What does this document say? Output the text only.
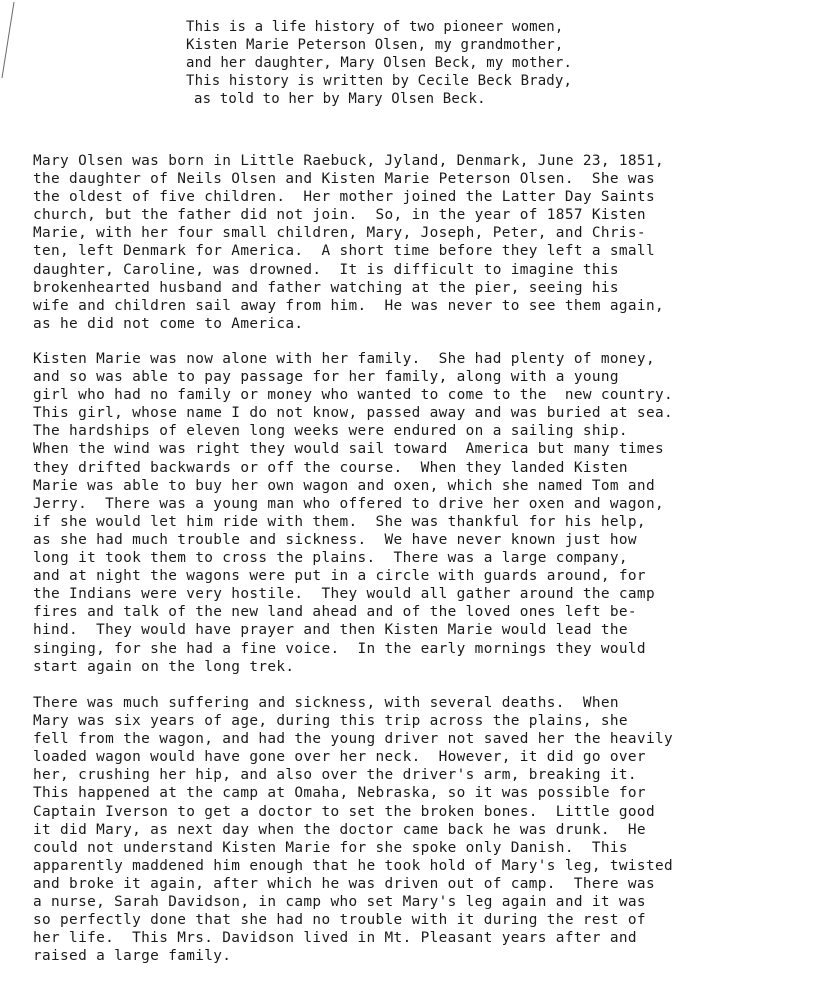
This is a life history of two pioneer women,
Kisten Marie Peterson Olsen, my grandmother,
and her daughter, Mary Olsen Beck, my mother.
This history is written by Cecile Beck Brady,
as told to her by Mary Olsen Beck.
Mary Olsen was born in Little Raebuck, Jyland, Denmark, June 23, 1851,
the daughter of Neils Olsen and Kisten Marie Peterson Olsen.  She was
the oldest of five children.  Her mother joined the Latter Day Saints
church, but the father did not join.  So, in the year of 1857 Kisten
Marie, with her four small children, Mary, Joseph, Peter, and Chris-
ten, left Denmark for America.  A short time before they left a small
daughter, Caroline, was drowned.  It is difficult to imagine this
brokenhearted husband and father watching at the pier, seeing his
wife and children sail away from him.  He was never to see them again,
as he did not come to America.
Kisten Marie was now alone with her family.  She had plenty of money,
and so was able to pay passage for her family, along with a young
girl who had no family or money who wanted to come to the  new country.
This girl, whose name I do not know, passed away and was buried at sea.
The hardships of eleven long weeks were endured on a sailing ship.
When the wind was right they would sail toward  America but many times
they drifted backwards or off the course.  When they landed Kisten
Marie was able to buy her own wagon and oxen, which she named Tom and
Jerry.  There was a young man who offered to drive her oxen and wagon,
if she would let him ride with them.  She was thankful for his help,
as she had much trouble and sickness.  We have never known just how
long it took them to cross the plains.  There was a large company,
and at night the wagons were put in a circle with guards around, for
the Indians were very hostile.  They would all gather around the camp
fires and talk of the new land ahead and of the loved ones left be-
hind.  They would have prayer and then Kisten Marie would lead the
singing, for she had a fine voice.  In the early mornings they would
start again on the long trek.
There was much suffering and sickness, with several deaths.  When
Mary was six years of age, during this trip across the plains, she
fell from the wagon, and had the young driver not saved her the heavily
loaded wagon would have gone over her neck.  However, it did go over
her, crushing her hip, and also over the driver's arm, breaking it.
This happened at the camp at Omaha, Nebraska, so it was possible for
Captain Iverson to get a doctor to set the broken bones.  Little good
it did Mary, as next day when the doctor came back he was drunk.  He
could not understand Kisten Marie for she spoke only Danish.  This
apparently maddened him enough that he took hold of Mary's leg, twisted
and broke it again, after which he was driven out of camp.  There was
a nurse, Sarah Davidson, in camp who set Mary's leg again and it was
so perfectly done that she had no trouble with it during the rest of
her life.  This Mrs. Davidson lived in Mt. Pleasant years after and
raised a large family.
